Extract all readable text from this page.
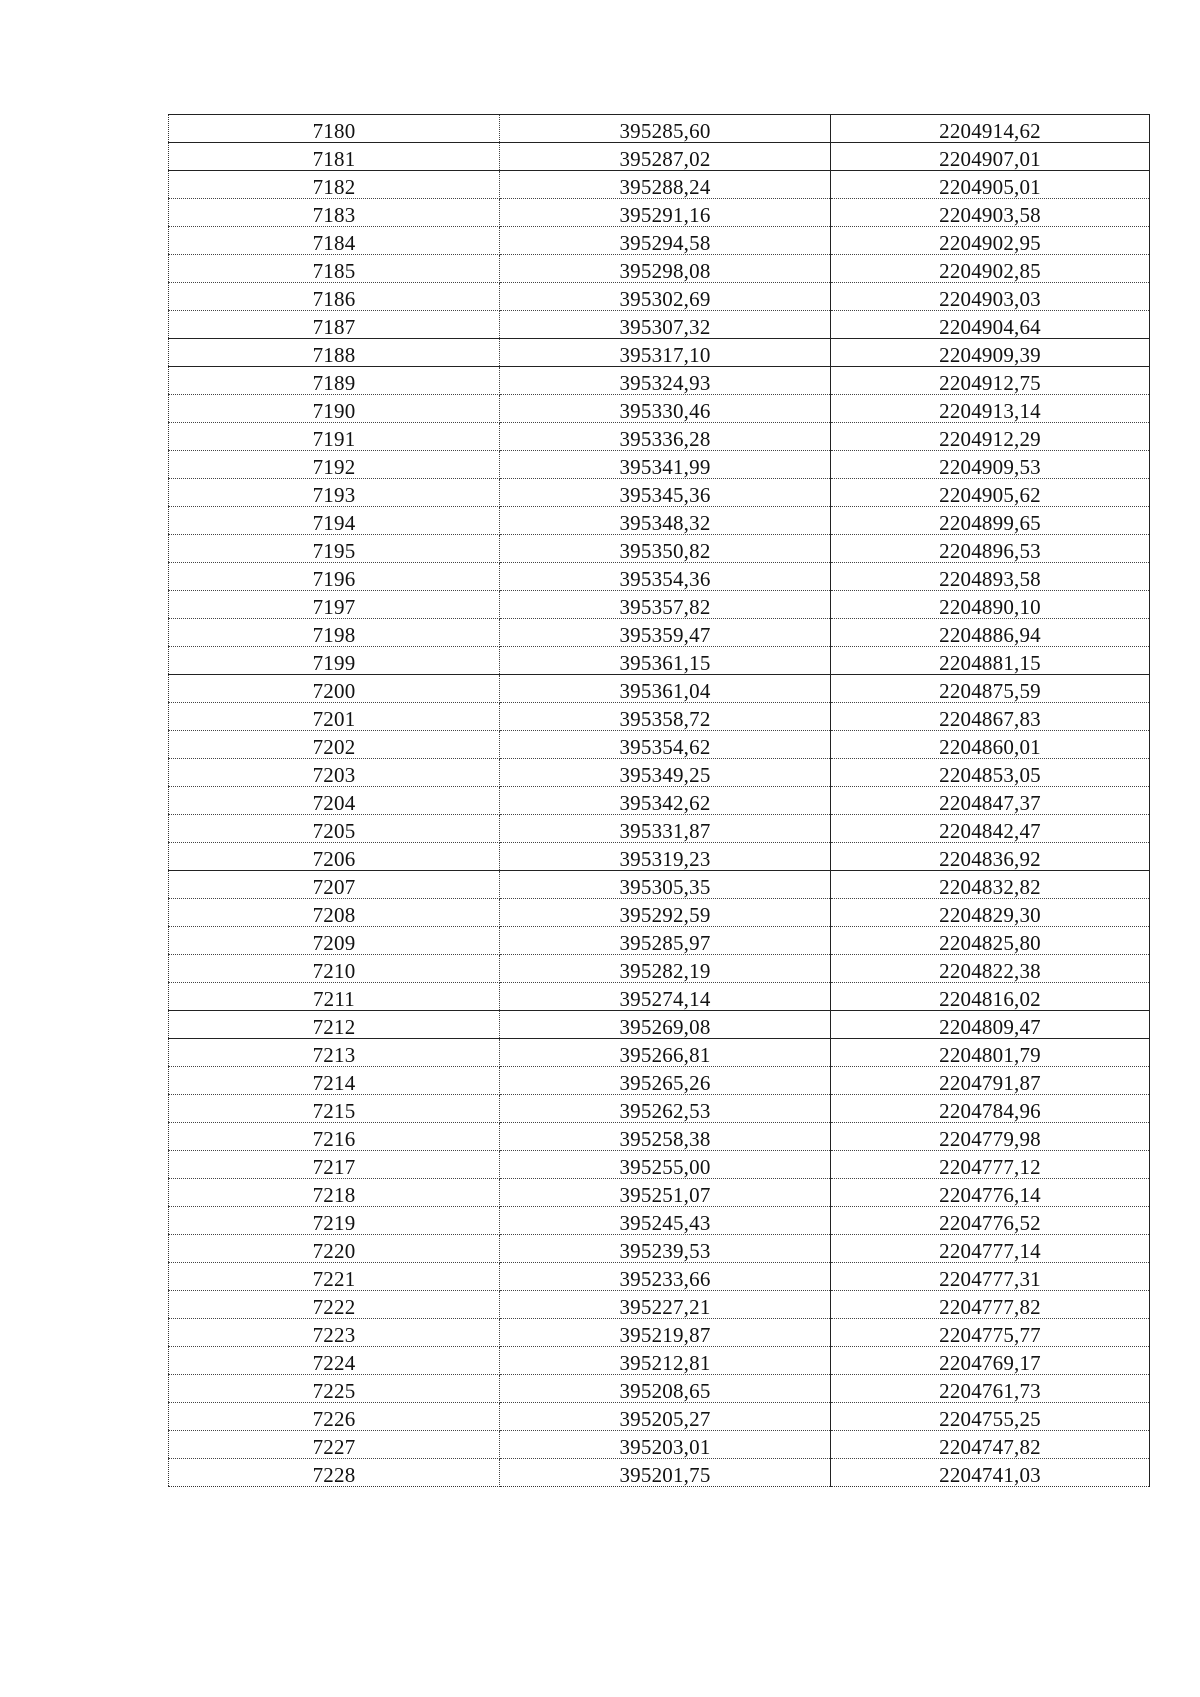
7180	395285,60	2204914,62
7181	395287,02	2204907,01
7182	395288,24	2204905,01
7183	395291,16	2204903,58
7184	395294,58	2204902,95
7185	395298,08	2204902,85
7186	395302,69	2204903,03
7187	395307,32	2204904,64
7188	395317,10	2204909,39
7189	395324,93	2204912,75
7190	395330,46	2204913,14
7191	395336,28	2204912,29
7192	395341,99	2204909,53
7193	395345,36	2204905,62
7194	395348,32	2204899,65
7195	395350,82	2204896,53
7196	395354,36	2204893,58
7197	395357,82	2204890,10
7198	395359,47	2204886,94
7199	395361,15	2204881,15
7200	395361,04	2204875,59
7201	395358,72	2204867,83
7202	395354,62	2204860,01
7203	395349,25	2204853,05
7204	395342,62	2204847,37
7205	395331,87	2204842,47
7206	395319,23	2204836,92
7207	395305,35	2204832,82
7208	395292,59	2204829,30
7209	395285,97	2204825,80
7210	395282,19	2204822,38
7211	395274,14	2204816,02
7212	395269,08	2204809,47
7213	395266,81	2204801,79
7214	395265,26	2204791,87
7215	395262,53	2204784,96
7216	395258,38	2204779,98
7217	395255,00	2204777,12
7218	395251,07	2204776,14
7219	395245,43	2204776,52
7220	395239,53	2204777,14
7221	395233,66	2204777,31
7222	395227,21	2204777,82
7223	395219,87	2204775,77
7224	395212,81	2204769,17
7225	395208,65	2204761,73
7226	395205,27	2204755,25
7227	395203,01	2204747,82
7228	395201,75	2204741,03
